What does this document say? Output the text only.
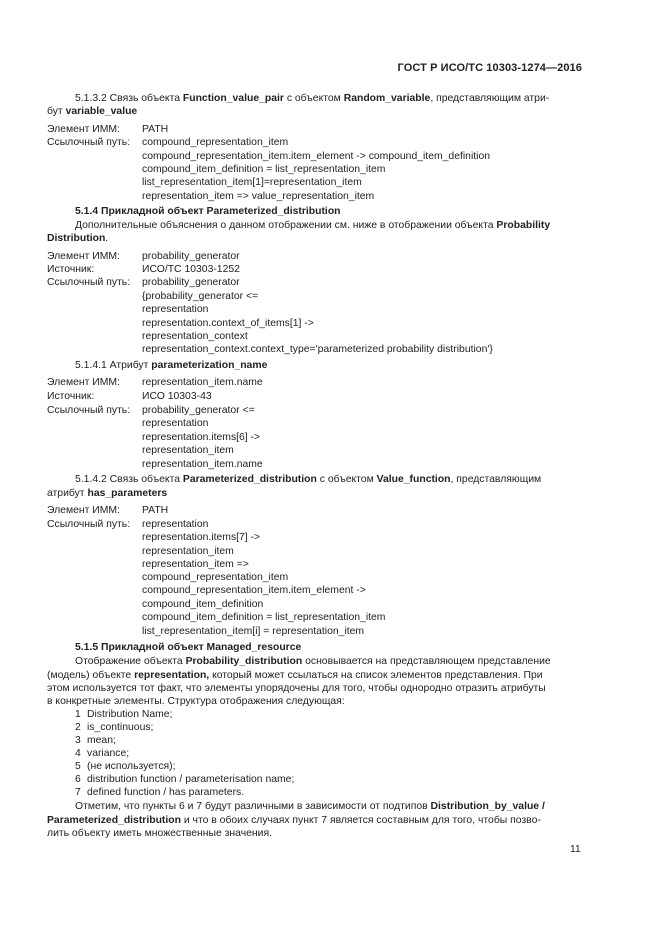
ГОСТ Р ИСО/ТС 10303-1274—2016
5.1.3.2 Связь объекта Function_value_pair с объектом Random_variable, представляющим атри-
бут variable_value
Элемент ИММ: PATH
Ссылочный путь: compound_representation_item
compound_representation_item.item_element -> compound_item_definition
compound_item_definition = list_representation_item
list_representation_item[1]=representation_item
representation_item => value_representation_item
5.1.4 Прикладной объект Parameterized_distribution
Дополнительные объяснения о данном отображении см. ниже в отображении объекта Probability
Distribution.
Элемент ИММ: probability_generator
Источник:	ИСО/ТС 10303-1252
Ссылочный путь: probability_generator
{probability_generator <=
representation
representation.context_of_items[1] ->
representation_context
representation_context.context_type='parameterized probability distribution'}
5.1.4.1 Атрибут parameterization_name
Элемент ИММ: representation_item.name
Источник:	ИСО 10303-43
Ссылочный путь: probability_generator <=
representation
representation.items[6] ->
representation_item
representation_item.name
5.1.4.2 Связь объекта Parameterized_distribution с объектом Value_function, представляющим
атрибут has_parameters
Элемент ИММ: PATH
Ссылочный путь: representation
representation.items[7] ->
representation_item
representation_item =>
compound_representation_item
compound_representation_item.item_element ->
compound_item_definition
compound_item_definition = list_representation_item
list_representation_item[i] = representation_item
5.1.5 Прикладной объект Managed_resource
Отображение объекта Probability_distribution основывается на представляющем представление
(модель) объекте representation, который может ссылаться на список элементов представления. При
этом используется тот факт, что элементы упорядочены для того, чтобы однородно отразить атрибуты
в конкретные элементы. Структура отображения следующая:
1 Distribution Name;
2 is_continuous;
3 mean;
4 variance;
5 (не используется);
6 distribution function / parameterisation name;
7 defined function / has parameters.
Отметим, что пункты 6 и 7 будут различными в зависимости от подтипов Distribution_by_value /
Parameterized_distribution и что в обоих случаях пункт 7 является составным для того, чтобы позво-
лить объекту иметь множественные значения.
11
